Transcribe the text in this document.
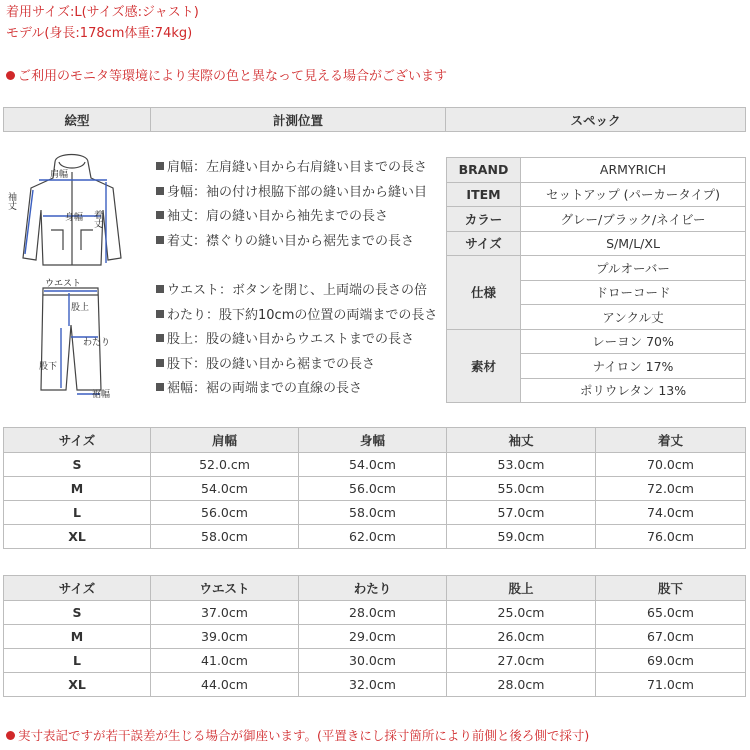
着用サイズ:L(サイズ感:ジャスト)
モデル(身長:178cm体重:74kg)
ご利用のモニタ等環境により実際の色と異なって見える場合がございます
絵型	計測位置	スペック
肩幅
身幅
袖丈
着丈
ウエスト
股上
わたり
股下
裾幅
肩幅：左肩縫い目から右肩縫い目までの長さ
身幅：袖の付け根脇下部の縫い目から縫い目
袖丈：肩の縫い目から袖先までの長さ
着丈：襟ぐりの縫い目から裾先までの長さ
ウエスト：ボタンを閉じ、上両端の長さの倍
わたり：股下約10cmの位置の両端までの長さ
股上：股の縫い目からウエストまでの長さ
股下：股の縫い目から裾までの長さ
裾幅：裾の両端までの直線の長さ
BRAND	ARMYRICH
ITEM	セットアップ (パーカータイプ)
カラー	グレー/ブラック/ネイビー
サイズ	S/M/L/XL
仕様	プルオーバー
	ドローコード
	アンクル丈
素材	レーヨン 70%
	ナイロン 17%
	ポリウレタン 13%
サイズ	肩幅	身幅	袖丈	着丈
S	52.0.cm	54.0cm	53.0cm	70.0cm
M	54.0cm	56.0cm	55.0cm	72.0cm
L	56.0cm	58.0cm	57.0cm	74.0cm
XL	58.0cm	62.0cm	59.0cm	76.0cm
サイズ	ウエスト	わたり	股上	股下
S	37.0cm	28.0cm	25.0cm	65.0cm
M	39.0cm	29.0cm	26.0cm	67.0cm
L	41.0cm	30.0cm	27.0cm	69.0cm
XL	44.0cm	32.0cm	28.0cm	71.0cm
実寸表記ですが若干誤差が生じる場合が御座います。(平置きにし採寸箇所により前側と後ろ側で採寸)
